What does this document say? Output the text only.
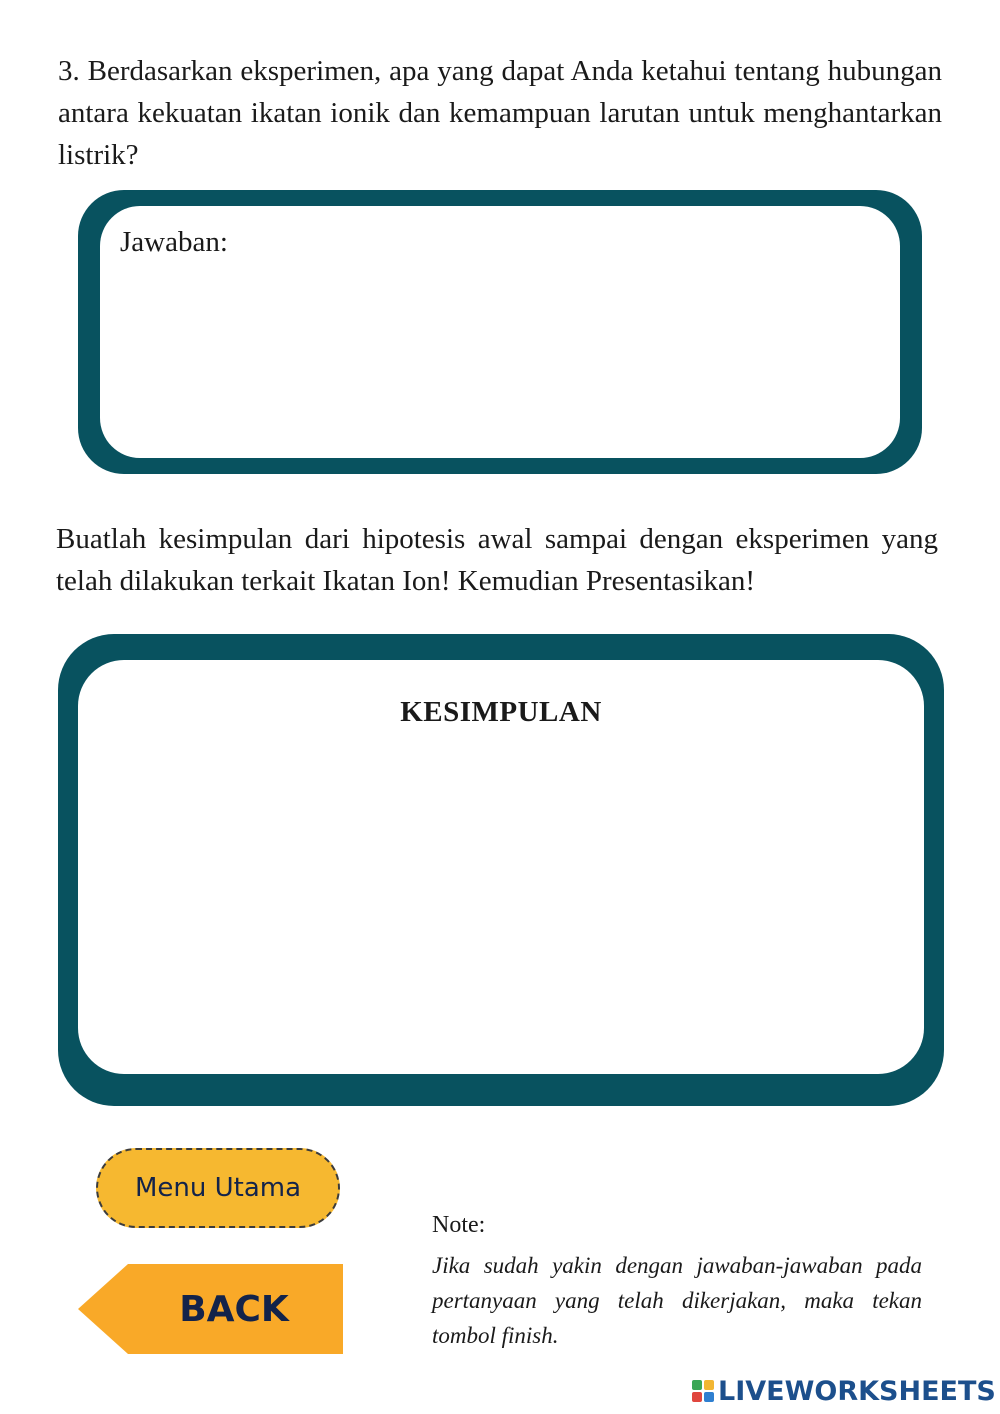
3. Berdasarkan eksperimen, apa yang dapat Anda ketahui tentang hubungan antara kekuatan ikatan ionik dan kemampuan larutan untuk menghantarkan listrik?

Jawaban:

Buatlah kesimpulan dari hipotesis awal sampai dengan eksperimen yang telah dilakukan terkait Ikatan Ion! Kemudian Presentasikan!

KESIMPULAN
Menu Utama
BACK
Note:

Jika sudah yakin dengan jawaban-jawaban pada pertanyaan yang telah dikerjakan, maka tekan tombol finish.

LIVEWORKSHEETS
